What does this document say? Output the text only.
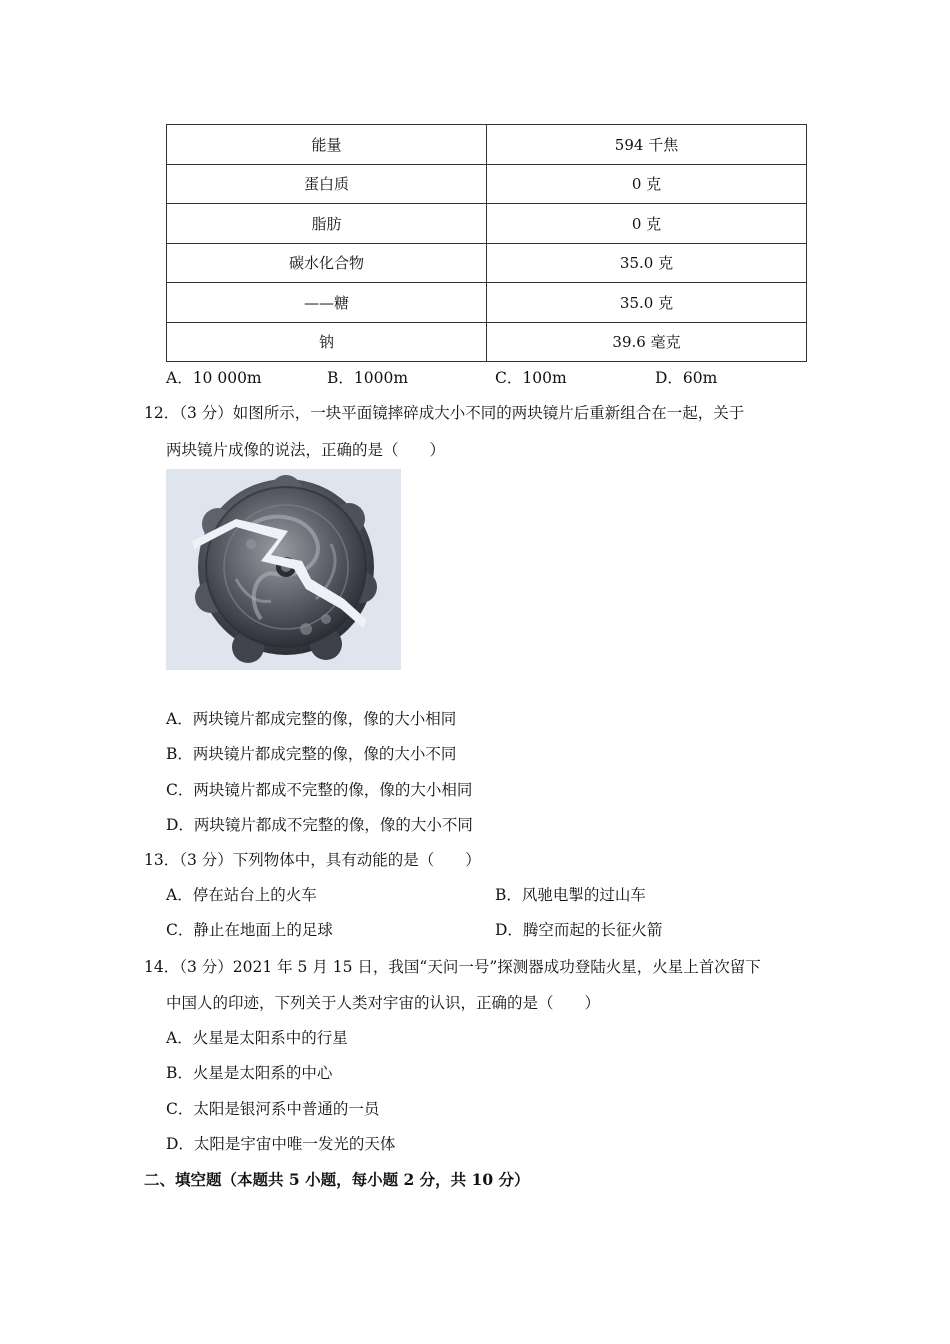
能量	594 千焦
蛋白质	0 克
脂肪	0 克
碳水化合物	35.0 克
——糖	35.0 克
钠	39.6 毫克
A．10 000m	B．1000m	C．100m	D．60m
12．（3 分）如图所示，一块平面镜摔碎成大小不同的两块镜片后重新组合在一起，关于
两块镜片成像的说法，正确的是（　　）
A．两块镜片都成完整的像，像的大小相同
B．两块镜片都成完整的像，像的大小不同
C．两块镜片都成不完整的像，像的大小相同
D．两块镜片都成不完整的像，像的大小不同
13．（3 分）下列物体中，具有动能的是（　　）
A．停在站台上的火车	B．风驰电掣的过山车
C．静止在地面上的足球	D．腾空而起的长征火箭
14．（3 分）2021 年 5 月 15 日，我国“天问一号”探测器成功登陆火星，火星上首次留下
中国人的印迹，下列关于人类对宇宙的认识，正确的是（　　）
A．火星是太阳系中的行星
B．火星是太阳系的中心
C．太阳是银河系中普通的一员
D．太阳是宇宙中唯一发光的天体
二、填空题（本题共 5 小题，每小题 2 分，共 10 分）
